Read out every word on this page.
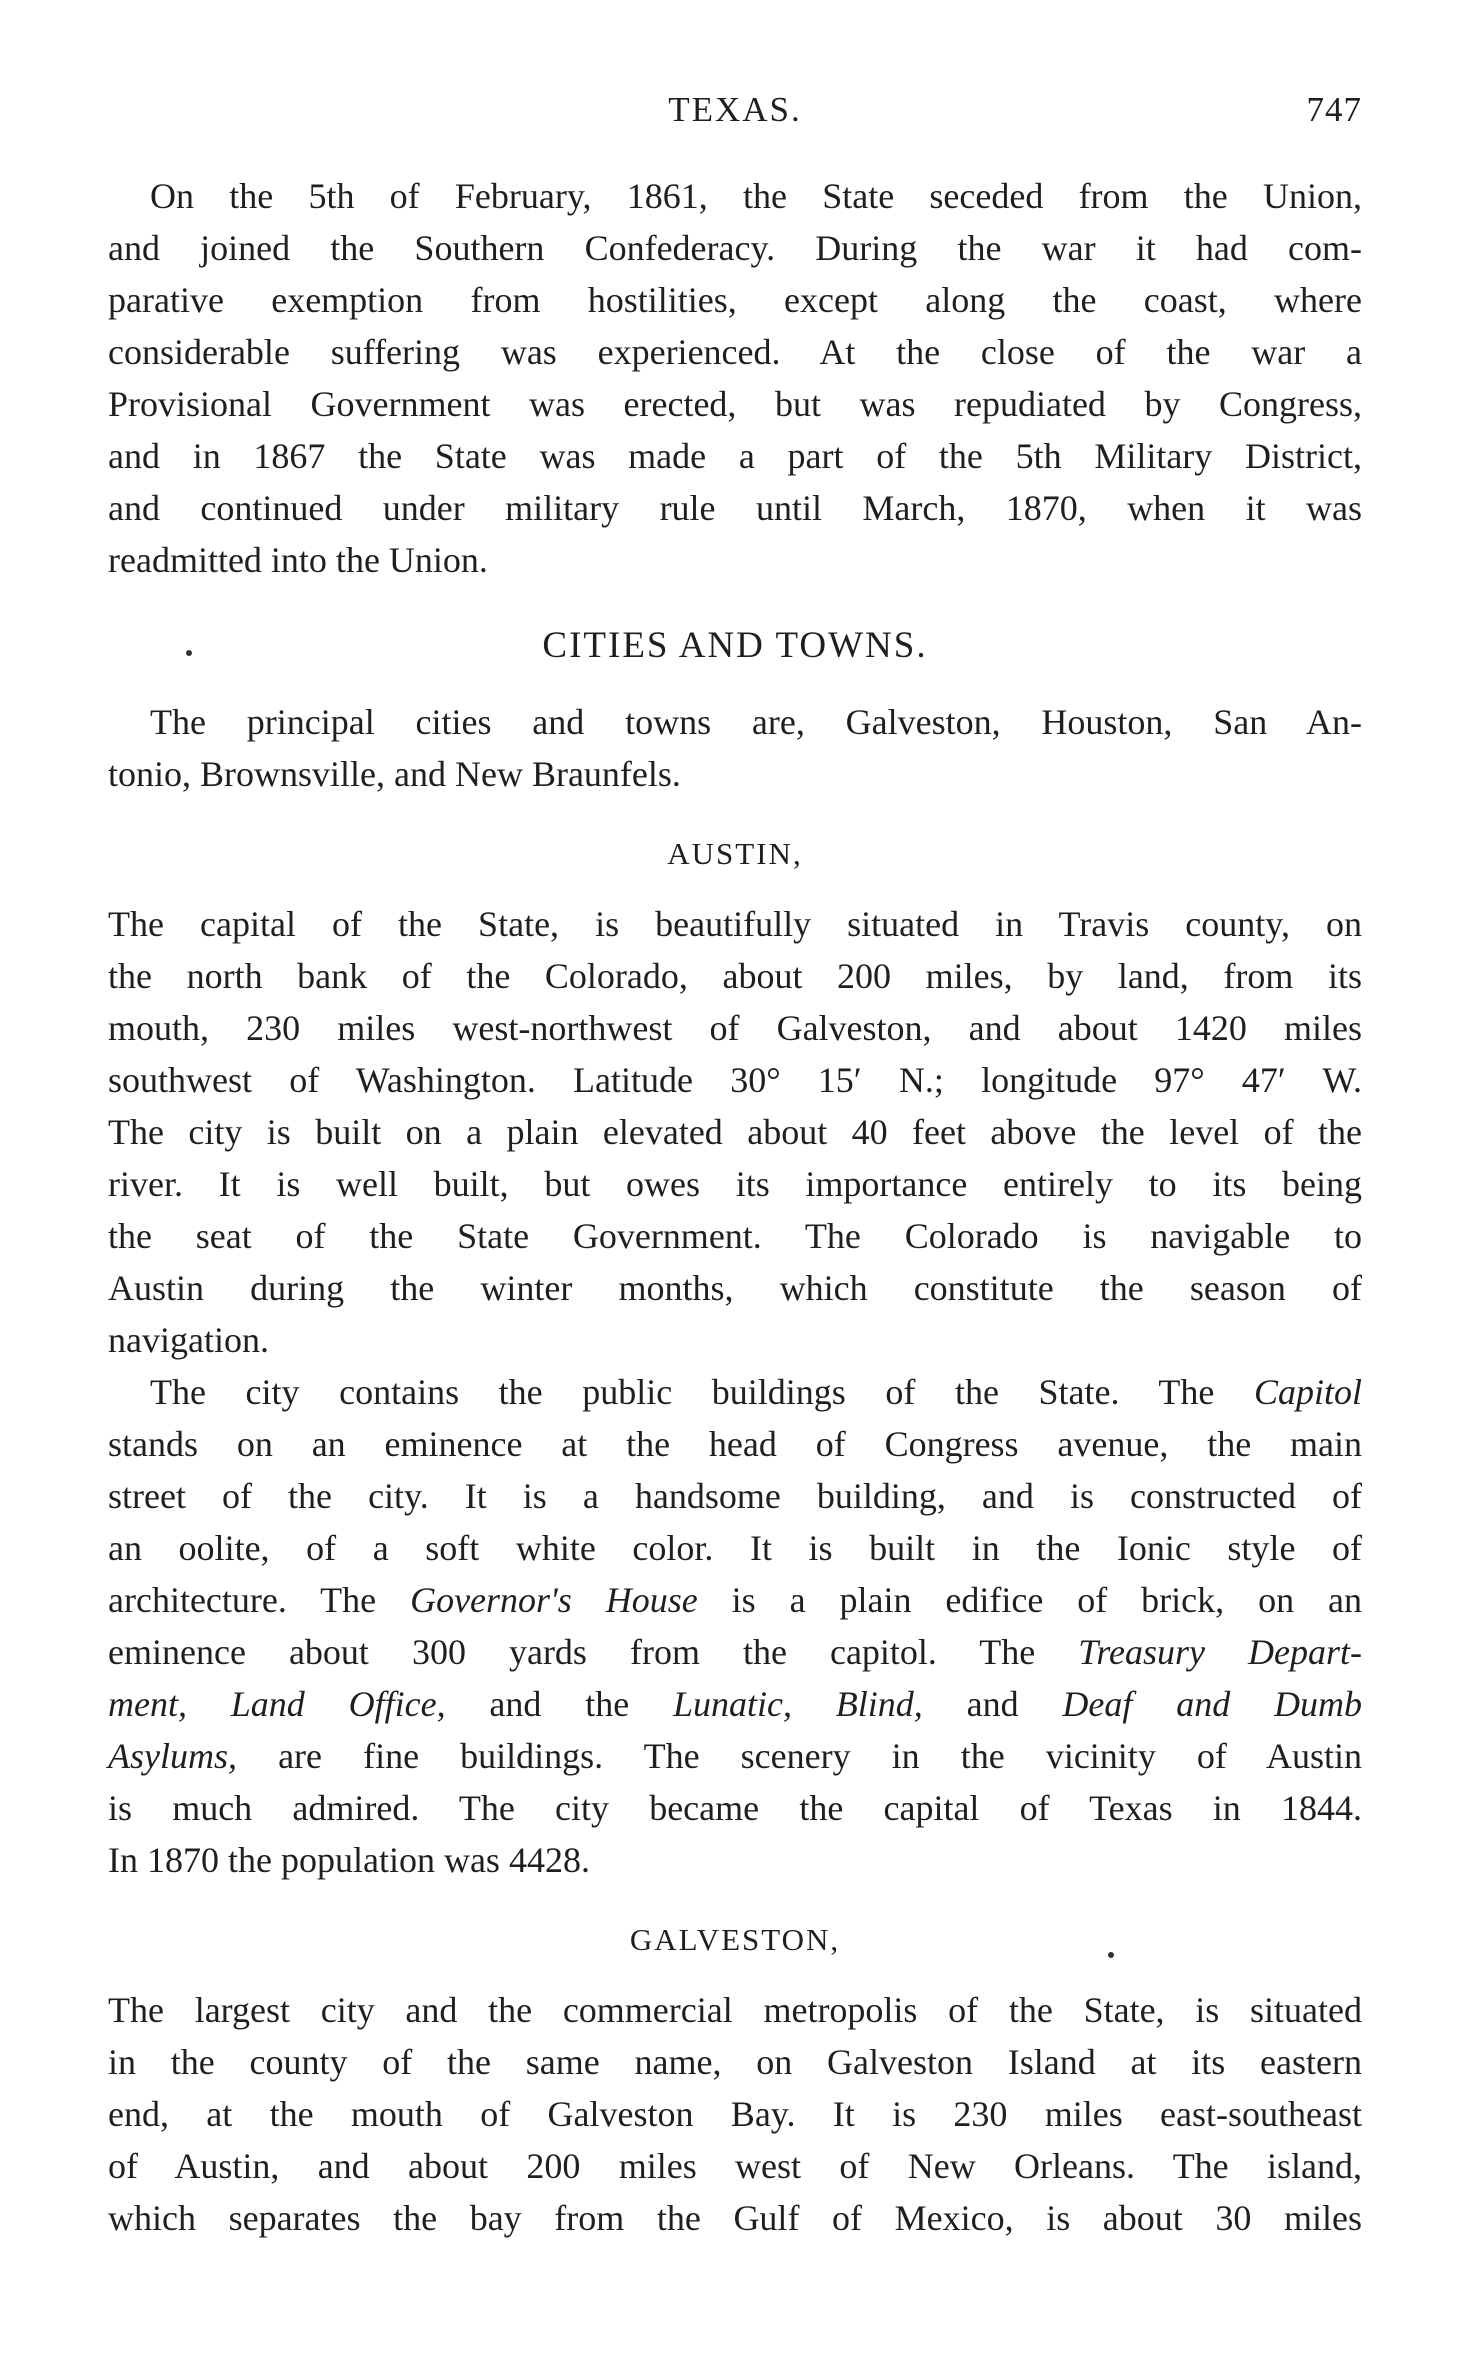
TEXAS.	747

On the 5th of February, 1861, the State seceded from the Union,

and joined the Southern Confederacy. During the war it had com-

parative exemption from hostilities, except along the coast, where

considerable suffering was experienced. At the close of the war a

Provisional Government was erected, but was repudiated by Congress,

and in 1867 the State was made a part of the 5th Military District,

and continued under military rule until March, 1870, when it was

readmitted into the Union.

CITIES AND TOWNS.

The principal cities and towns are, Galveston, Houston, San An-

tonio, Brownsville, and New Braunfels.

AUSTIN,

The capital of the State, is beautifully situated in Travis county, on

the north bank of the Colorado, about 200 miles, by land, from its

mouth, 230 miles west-northwest of Galveston, and about 1420 miles

southwest of Washington. Latitude 30° 15′ N.; longitude 97° 47′ W.

The city is built on a plain elevated about 40 feet above the level of the

river. It is well built, but owes its importance entirely to its being

the seat of the State Government. The Colorado is navigable to

Austin during the winter months, which constitute the season of

navigation.

The city contains the public buildings of the State. The Capitol

stands on an eminence at the head of Congress avenue, the main

street of the city. It is a handsome building, and is constructed of

an oolite, of a soft white color. It is built in the Ionic style of

architecture. The Governor's House is a plain edifice of brick, on an

eminence about 300 yards from the capitol. The Treasury Depart-

ment, Land Office, and the Lunatic, Blind, and Deaf and Dumb

Asylums, are fine buildings. The scenery in the vicinity of Austin

is much admired. The city became the capital of Texas in 1844.

In 1870 the population was 4428.

GALVESTON,

The largest city and the commercial metropolis of the State, is situated

in the county of the same name, on Galveston Island at its eastern

end, at the mouth of Galveston Bay. It is 230 miles east-southeast

of Austin, and about 200 miles west of New Orleans. The island,

which separates the bay from the Gulf of Mexico, is about 30 miles
